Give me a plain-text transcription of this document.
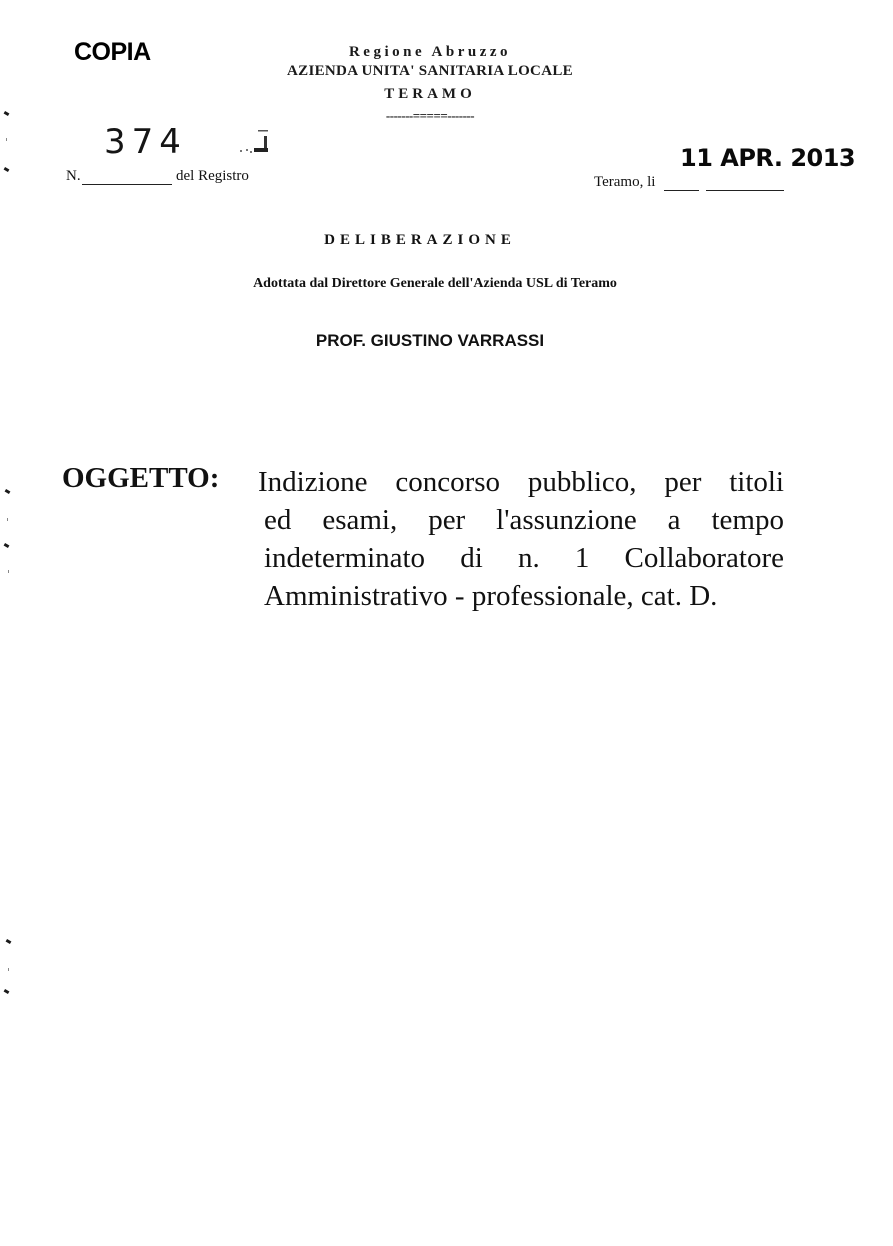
COPIA	Regione Abruzzo
AZIENDA UNITA' SANITARIA LOCALE
TERAMO
-------=====-------
374
N.	del Registro
11 APR. 2013
Teramo, li
DELIBERAZIONE
Adottata dal Direttore Generale dell'Azienda USL di Teramo
PROF. GIUSTINO VARRASSI
OGGETTO: Indizione concorso pubblico, per titoli
ed esami, per l'assunzione a tempo
indeterminato di n. 1 Collaboratore
Amministrativo - professionale, cat. D.
